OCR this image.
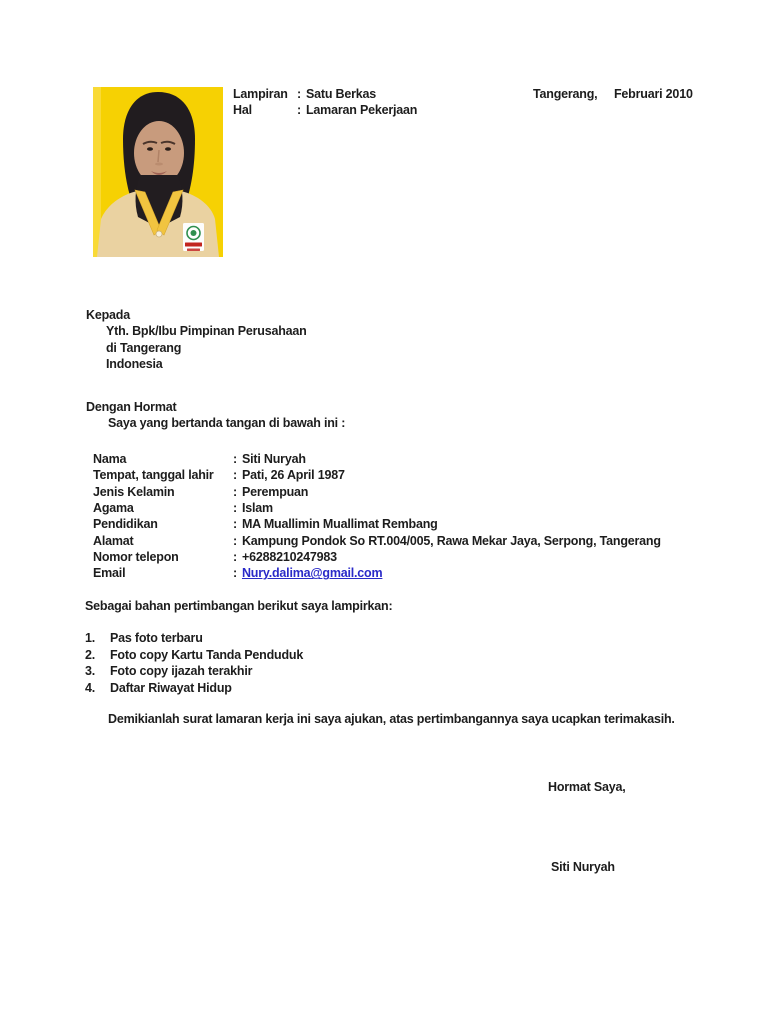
Lampiran : Satu Berkas
Hal	: Lamaran Pekerjaan
Tangerang, Februari 2010
Kepada
Yth. Bpk/Ibu Pimpinan Perusahaan
di Tangerang
Indonesia
Dengan Hormat
Saya yang bertanda tangan di bawah ini :
Nama	: Siti Nuryah
Tempat, tanggal lahir	: Pati, 26 April 1987
Jenis Kelamin	: Perempuan
Agama	: Islam
Pendidikan	: MA Muallimin Muallimat Rembang
Alamat	: Kampung Pondok So RT.004/005, Rawa Mekar Jaya, Serpong, Tangerang
Nomor telepon	: +6288210247983
Email	: Nury.dalima@gmail.com
Sebagai bahan pertimbangan berikut saya lampirkan:
1.	Pas foto terbaru
2.	Foto copy Kartu Tanda Penduduk
3.	Foto copy ijazah terakhir
4.	Daftar Riwayat Hidup
Demikianlah surat lamaran kerja ini saya ajukan, atas pertimbangannya saya ucapkan terimakasih.
Hormat Saya,
Siti Nuryah
